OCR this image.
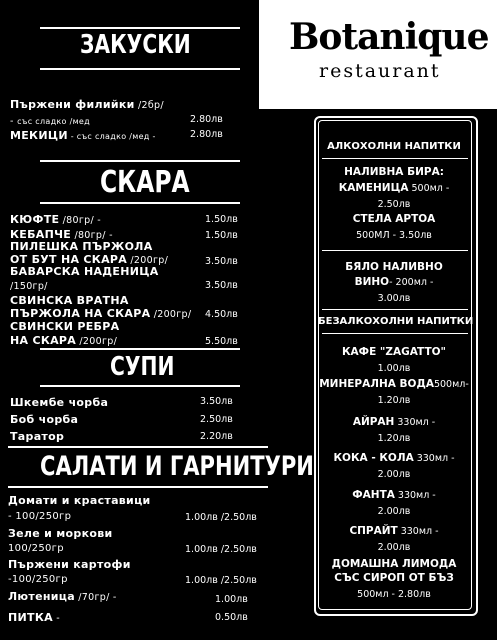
Botanique
restaurant
ЗАКУСКИ
Пържени филийки /2бр/
- със сладко /мед	2.80лв
МЕКИЦИ - със сладко /мед -	2.80лв
СКАРА
КЮФТЕ /80гр/ -	1.50лв
КЕБАПЧЕ /80гр/ -	1.50лв
ПИЛЕШКА ПЪРЖОЛА
ОТ БУТ НА СКАРА /200гр/	3.50лв
БАВАРСКА НАДЕНИЦА
/150гр/	3.50лв
СВИНСКА ВРАТНА
ПЪРЖОЛА НА СКАРА /200гр/ 4.50лв
СВИНСКИ РЕБРА
НА СКАРА /200гр/	5.50лв
СУПИ
Шкембе чорба	3.50лв
Боб чорба	2.50лв
Таратор	2.20лв
САЛАТИ И ГАРНИТУРИ
Домати и краставици
- 100/250гр	1.00лв /2.50лв
Зеле и моркови
100/250гр	1.00лв /2.50лв
Пържени картофи
-100/250гр	1.00лв /2.50лв
Лютеница /70гр/ -	1.00лв
ПИТКА -	0.50лв
АЛКОХОЛНИ НАПИТКИ
НАЛИВНА БИРА:
КАМЕНИЦА 500мл -
2.50лв
СТЕЛА АРТОА
500МЛ - 3.50лв
БЯЛО НАЛИВНО
ВИНО- 200мл -
3.00лв
БЕЗАЛКОХОЛНИ НАПИТКИ
КАФЕ "ZAGATTO"
1.00лв
МИНЕРАЛНА ВОДА500мл-
1.20лв
АЙРАН 330мл -
1.20лв
КОКА - КОЛА 330мл -
2.00лв
ФАНТА 330мл -
2.00лв
СПРАЙТ 330мл -
2.00лв
ДОМАШНА ЛИМОДА
СЪС СИРОП ОТ БЪЗ
500мл - 2.80лв
